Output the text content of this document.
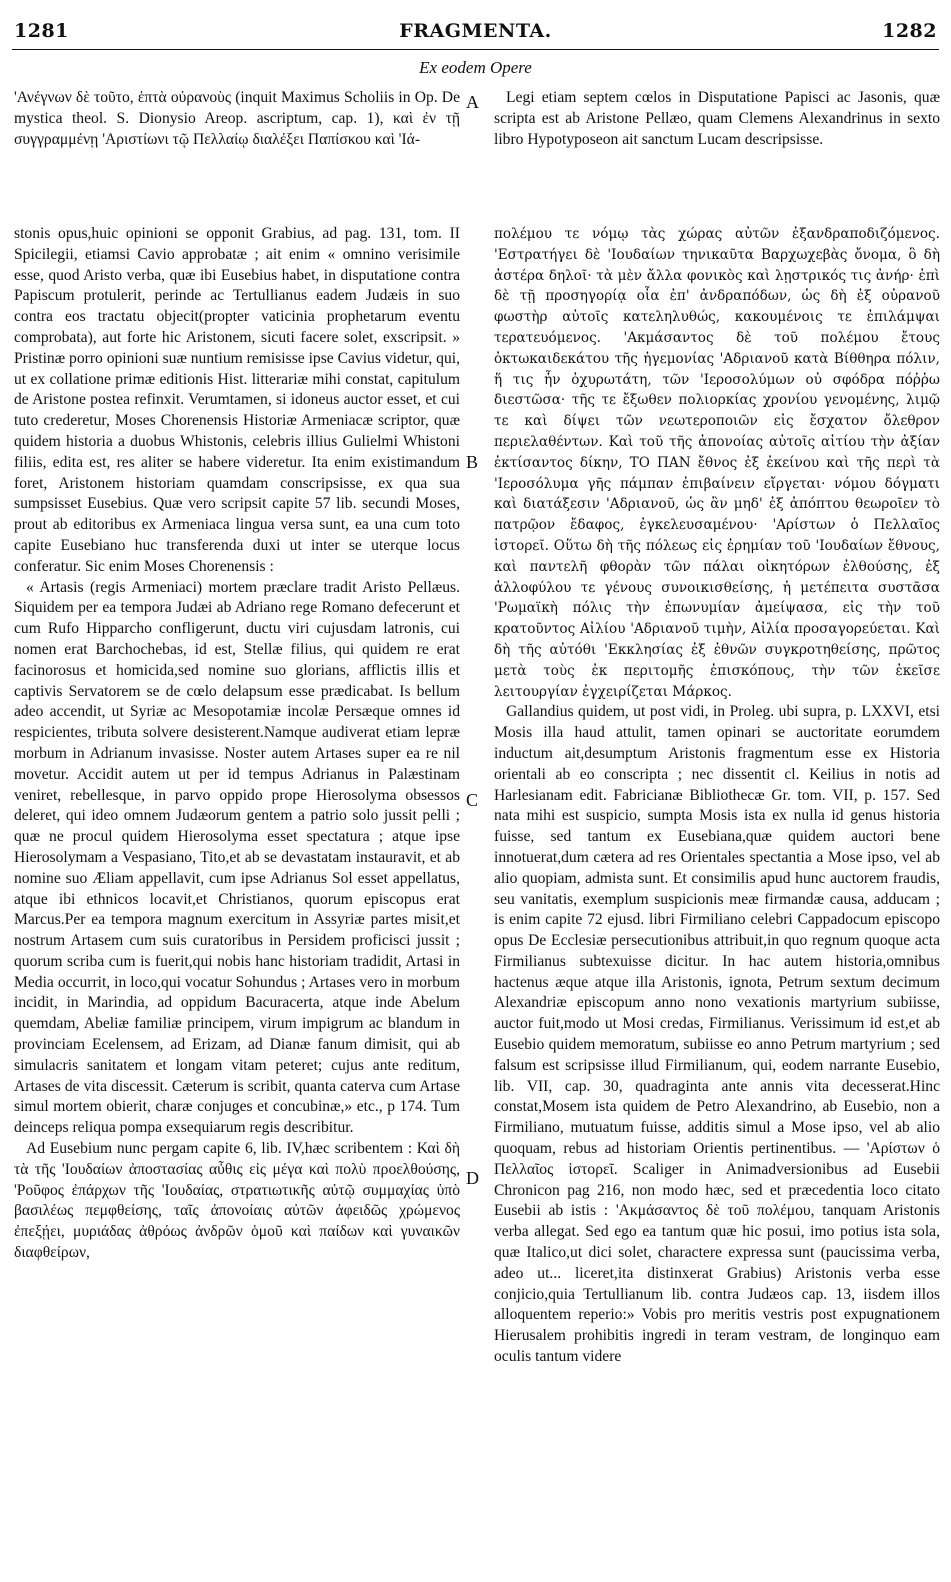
1281	FRAGMENTA.	1282
Ex eodem Opere

'Ανέγνων δὲ τοῦτο, ἑπτὰ οὐρανοὺς (inquit Maximus Scholiis in Op. De mystica theol. S. Dionysio Areop. ascriptum, cap. 1), καὶ ἐν τῇ συγγραμμένῃ 'Αριστίωνι τῷ Πελλαίῳ διαλέξει Παπίσκου καὶ 'Ιά-

Legi etiam septem cœlos in Disputatione Papisci ac Jasonis, quæ scripta est ab Aristone Pellæo, quam Clemens Alexandrinus in sexto libro Hypotyposeon ait sanctum Lucam descripsisse.

A
B
C
D

stonis opus,huic opinioni se opponit Grabius, ad pag. 131, tom. II Spicilegii, etiamsi Cavio approbatæ ; ait enim « omnino verisimile esse, quod Aristo verba, quæ ibi Eusebius habet, in disputatione contra Papiscum protulerit, perinde ac Tertullianus eadem Judæis in suo contra eos tractatu objecit(propter vaticinia prophetarum eventu comprobata), aut forte hic Aristonem, sicuti facere solet, exscripsit. » Pristinæ porro opinioni suæ nuntium remisisse ipse Cavius videtur, qui, ut ex collatione primæ editionis Hist. litterariæ mihi constat, capitulum de Aristone postea refinxit. Verumtamen, si idoneus auctor esset, et cui tuto crederetur, Moses Chorenensis Historiæ Armeniacæ scriptor, quæ quidem historia a duobus Whistonis, celebris illius Gulielmi Whistoni filiis, edita est, res aliter se habere videretur. Ita enim existimandum foret, Aristonem historiam quamdam conscripsisse, ex qua sua sumpsisset Eusebius. Quæ vero scripsit capite 57 lib. secundi Moses, prout ab editoribus ex Armeniaca lingua versa sunt, ea una cum toto capite Eusebiano huc transferenda duxi ut inter se uterque locus conferatur. Sic enim Moses Chorenensis :

« Artasis (regis Armeniaci) mortem præclare tradit Aristo Pellæus. Siquidem per ea tempora Judæi ab Adriano rege Romano defecerunt et cum Rufo Hipparcho confligerunt, ductu viri cujusdam latronis, cui nomen erat Barchochebas, id est, Stellæ filius, qui quidem re erat facinorosus et homicida,sed nomine suo glorians, afflictis illis et captivis Servatorem se de cœlo delapsum esse prædicabat. Is bellum adeo accendit, ut Syriæ ac Mesopotamiæ incolæ Persæque omnes id respicientes, tributa solvere desisterent.Namque audiverat etiam lepræ morbum in Adrianum invasisse. Noster autem Artases super ea re nil movetur. Accidit autem ut per id tempus Adrianus in Palæstinam veniret, rebellesque, in parvo oppido prope Hierosolyma obsessos deleret, qui ideo omnem Judæorum gentem a patrio solo jussit pelli ; quæ ne procul quidem Hierosolyma esset spectatura ; atque ipse Hierosolymam a Vespasiano, Tito,et ab se devastatam instauravit, et ab nomine suo Æliam appellavit, cum ipse Adrianus Sol esset appellatus, atque ibi ethnicos locavit,et Christianos, quorum episcopus erat Marcus.Per ea tempora magnum exercitum in Assyriæ partes misit,et nostrum Artasem cum suis curatoribus in Persidem proficisci jussit ; quorum scriba cum is fuerit,qui nobis hanc historiam tradidit, Artasi in Media occurrit, in loco,qui vocatur Sohundus ; Artases vero in morbum incidit, in Marindia, ad oppidum Bacuracerta, atque inde Abelum quemdam, Abeliæ familiæ principem, virum impigrum ac blandum in provinciam Ecelensem, ad Erizam, ad Dianæ fanum dimisit, qui ab simulacris sanitatem et longam vitam peteret; cujus ante reditum, Artases de vita discessit. Cæterum is scribit, quanta caterva cum Artase simul mortem obierit, charæ conjuges et concubinæ,» etc., p 174. Tum deinceps reliqua pompa exsequiarum regis describitur.

Ad Eusebium nunc pergam capite 6, lib. IV,hæc scribentem : Καὶ δὴ τὰ τῆς 'Ιουδαίων ἀποστασίας αὖθις εἰς μέγα καὶ πολὺ προελθούσης, 'Ροῦφος ἐπάρχων τῆς 'Ιουδαίας, στρατιωτικῆς αὐτῷ συμμαχίας ὑπὸ βασιλέως πεμφθείσης, ταῖς ἀπονοίαις αὐτῶν ἀφειδῶς χρώμενος ἐπεξῄει, μυριάδας ἀθρόως ἀνδρῶν ὁμοῦ καὶ παίδων καὶ γυναικῶν διαφθείρων,

πολέμου τε νόμῳ τὰς χώρας αὐτῶν ἐξανδραποδιζόμενος. 'Εστρατήγει δὲ 'Ιουδαίων τηνικαῦτα Βαρχωχεβὰς ὄνομα, ὃ δὴ ἀστέρα δηλοῖ· τὰ μὲν ἄλλα φονικὸς καὶ λῃστρικός τις ἀνήρ· ἐπὶ δὲ τῇ προσηγορίᾳ οἷα ἐπ' ἀνδραπόδων, ὡς δὴ ἐξ οὐρανοῦ φωστὴρ αὐτοῖς κατεληλυθώς, κακουμένοις τε ἐπιλάμψαι τερατευόμενος. 'Ακμάσαντος δὲ τοῦ πολέμου ἔτους ὀκτωκαιδεκάτου τῆς ἡγεμονίας 'Αδριανοῦ κατὰ Βίθθηρα πόλιν, ἥ τις ἦν ὀχυρωτάτη, τῶν 'Ιεροσολύμων οὐ σφόδρα πόῤῥω διεστῶσα· τῆς τε ἔξωθεν πολιορκίας χρονίου γενομένης, λιμῷ τε καὶ δίψει τῶν νεωτεροποιῶν εἰς ἔσχατον ὄλεθρον περιελαθέντων. Καὶ τοῦ τῆς ἀπονοίας αὐτοῖς αἰτίου τὴν ἀξίαν ἐκτίσαντος δίκην, ΤΟ ΠΑΝ ἔθνος ἐξ ἐκείνου καὶ τῆς περὶ τὰ 'Ιεροσόλυμα γῆς πάμπαν ἐπιβαίνειν εἴργεται· νόμου δόγματι καὶ διατάξεσιν 'Αδριανοῦ, ὡς ἂν μηδ' ἐξ ἀπόπτου θεωροῖεν τὸ πατρῷον ἔδαφος, ἐγκελευσαμένου· 'Αρίστων ὁ Πελλαῖος ἱστορεῖ. Οὕτω δὴ τῆς πόλεως εἰς ἐρημίαν τοῦ 'Ιουδαίων ἔθνους, καὶ παντελῆ φθορὰν τῶν πάλαι οἰκητόρων ἐλθούσης, ἐξ ἀλλοφύλου τε γένους συνοικισθείσης, ἡ μετέπειτα συστᾶσα 'Ρωμαϊκὴ πόλις τὴν ἐπωνυμίαν ἀμείψασα, εἰς τὴν τοῦ κρατοῦντος Αἰλίου 'Αδριανοῦ τιμὴν, Αἰλία προσαγορεύεται. Καὶ δὴ τῆς αὐτόθι 'Εκκλησίας ἐξ ἐθνῶν συγκροτηθείσης, πρῶτος μετὰ τοὺς ἐκ περιτομῆς ἐπισκόπους, τὴν τῶν ἐκεῖσε λειτουργίαν ἐγχειρίζεται Μάρκος.

Gallandius quidem, ut post vidi, in Proleg. ubi supra, p. LXXVI, etsi Mosis illa haud attulit, tamen opinari se auctoritate eorumdem inductum ait,desumptum Aristonis fragmentum esse ex Historia orientali ab eo conscripta ; nec dissentit cl. Keilius in notis ad Harlesianam edit. Fabricianæ Bibliothecæ Gr. tom. VII, p. 157. Sed nata mihi est suspicio, sumpta Mosis ista ex nulla id genus historia fuisse, sed tantum ex Eusebiana,quæ quidem auctori bene innotuerat,dum cætera ad res Orientales spectantia a Mose ipso, vel ab alio quopiam, admista sunt. Et consimilis apud hunc auctorem fraudis, seu vanitatis, exemplum suspicionis meæ firmandæ causa, adducam ; is enim capite 72 ejusd. libri Firmiliano celebri Cappadocum episcopo opus De Ecclesiæ persecutionibus attribuit,in quo regnum quoque acta Firmilianus subtexuisse dicitur. In hac autem historia,omnibus hactenus æque atque illa Aristonis, ignota, Petrum sextum decimum Alexandriæ episcopum anno nono vexationis martyrium subiisse, auctor fuit,modo ut Mosi credas, Firmilianus. Verissimum id est,et ab Eusebio quidem memoratum, subiisse eo anno Petrum martyrium ; sed falsum est scripsisse illud Firmilianum, qui, eodem narrante Eusebio, lib. VII, cap. 30, quadraginta ante annis vita decesserat.Hinc constat,Mosem ista quidem de Petro Alexandrino, ab Eusebio, non a Firmiliano, mutuatum fuisse, additis simul a Mose ipso, vel ab alio quoquam, rebus ad historiam Orientis pertinentibus. — 'Αρίστων ὁ Πελλαῖος ἱστορεῖ. Scaliger in Animadversionibus ad Eusebii Chronicon pag 216, non modo hæc, sed et præcedentia loco citato Eusebii ab istis : 'Ακμάσαντος δὲ τοῦ πολέμου, tanquam Aristonis verba allegat. Sed ego ea tantum quæ hic posui, imo potius ista sola, quæ Italico,ut dici solet, charactere expressa sunt (paucissima verba, adeo ut... liceret,ita distinxerat Grabius) Aristonis verba esse conjicio,quia Tertullianum lib. contra Judæos cap. 13, iisdem illos alloquentem reperio:» Vobis pro meritis vestris post expugnationem Hierusalem prohibitis ingredi in teram vestram, de longinquo eam oculis tantum videre
